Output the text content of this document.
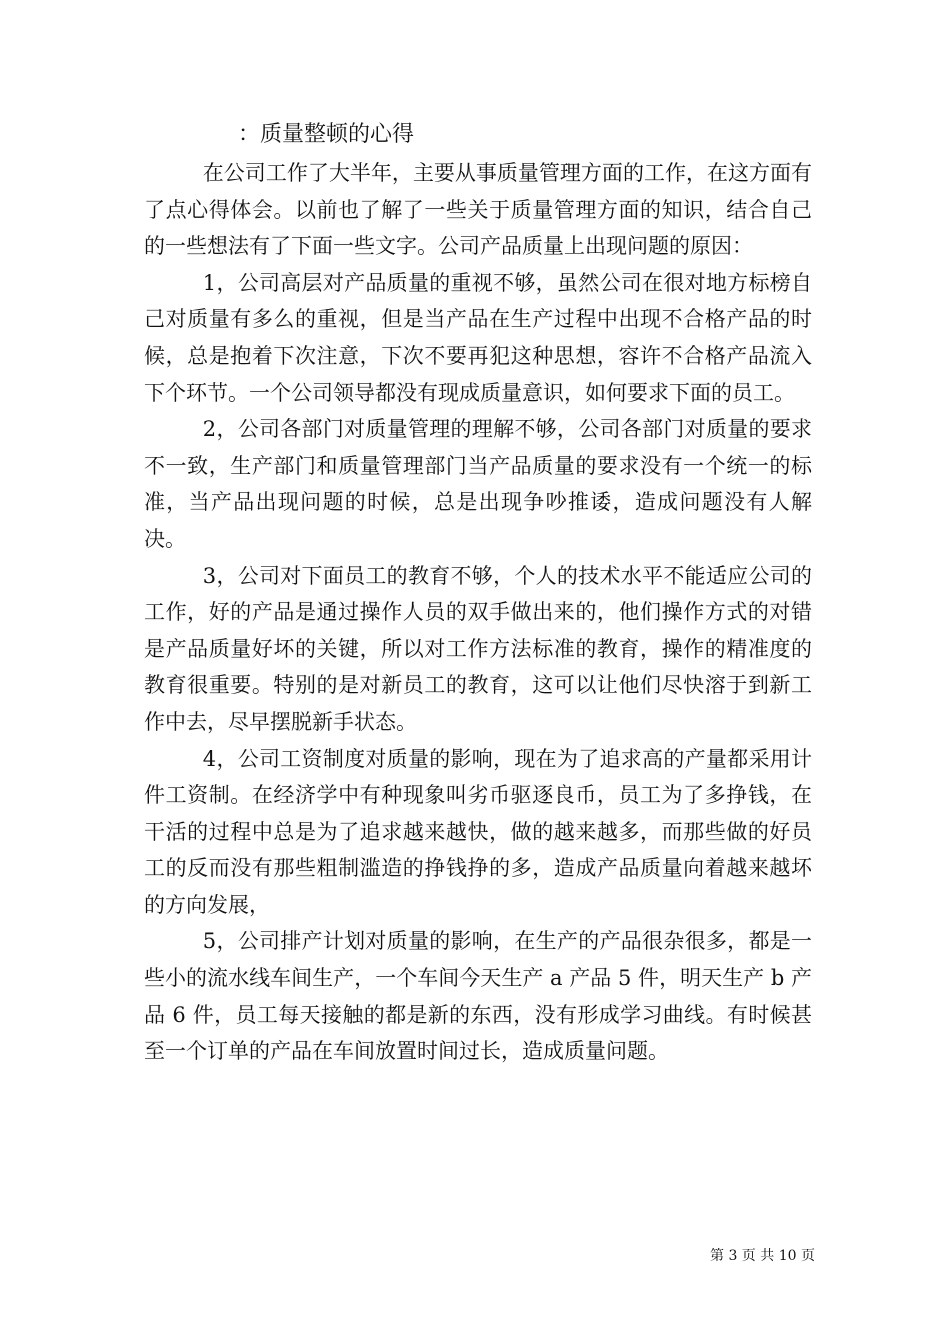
：质量整顿的心得

在公司工作了大半年，主要从事质量管理方面的工作，在这方面有了点心得体会。以前也了解了一些关于质量管理方面的知识，结合自己的一些想法有了下面一些文字。公司产品质量上出现问题的原因：

1，公司高层对产品质量的重视不够，虽然公司在很对地方标榜自己对质量有多么的重视，但是当产品在生产过程中出现不合格产品的时候，总是抱着下次注意，下次不要再犯这种思想，容许不合格产品流入下个环节。一个公司领导都没有现成质量意识，如何要求下面的员工。

2，公司各部门对质量管理的理解不够，公司各部门对质量的要求不一致，生产部门和质量管理部门当产品质量的要求没有一个统一的标准，当产品出现问题的时候，总是出现争吵推诿，造成问题没有人解决。

3，公司对下面员工的教育不够，个人的技术水平不能适应公司的工作，好的产品是通过操作人员的双手做出来的，他们操作方式的对错是产品质量好坏的关键，所以对工作方法标准的教育，操作的精准度的教育很重要。特别的是对新员工的教育，这可以让他们尽快溶于到新工作中去，尽早摆脱新手状态。

4，公司工资制度对质量的影响，现在为了追求高的产量都采用计件工资制。在经济学中有种现象叫劣币驱逐良币，员工为了多挣钱，在干活的过程中总是为了追求越来越快，做的越来越多，而那些做的好员工的反而没有那些粗制滥造的挣钱挣的多，造成产品质量向着越来越坏的方向发展，

5，公司排产计划对质量的影响，在生产的产品很杂很多，都是一些小的流水线车间生产，一个车间今天生产 a 产品 5 件，明天生产 b 产品 6 件，员工每天接触的都是新的东西，没有形成学习曲线。有时候甚至一个订单的产品在车间放置时间过长，造成质量问题。

第 3 页 共 10 页
